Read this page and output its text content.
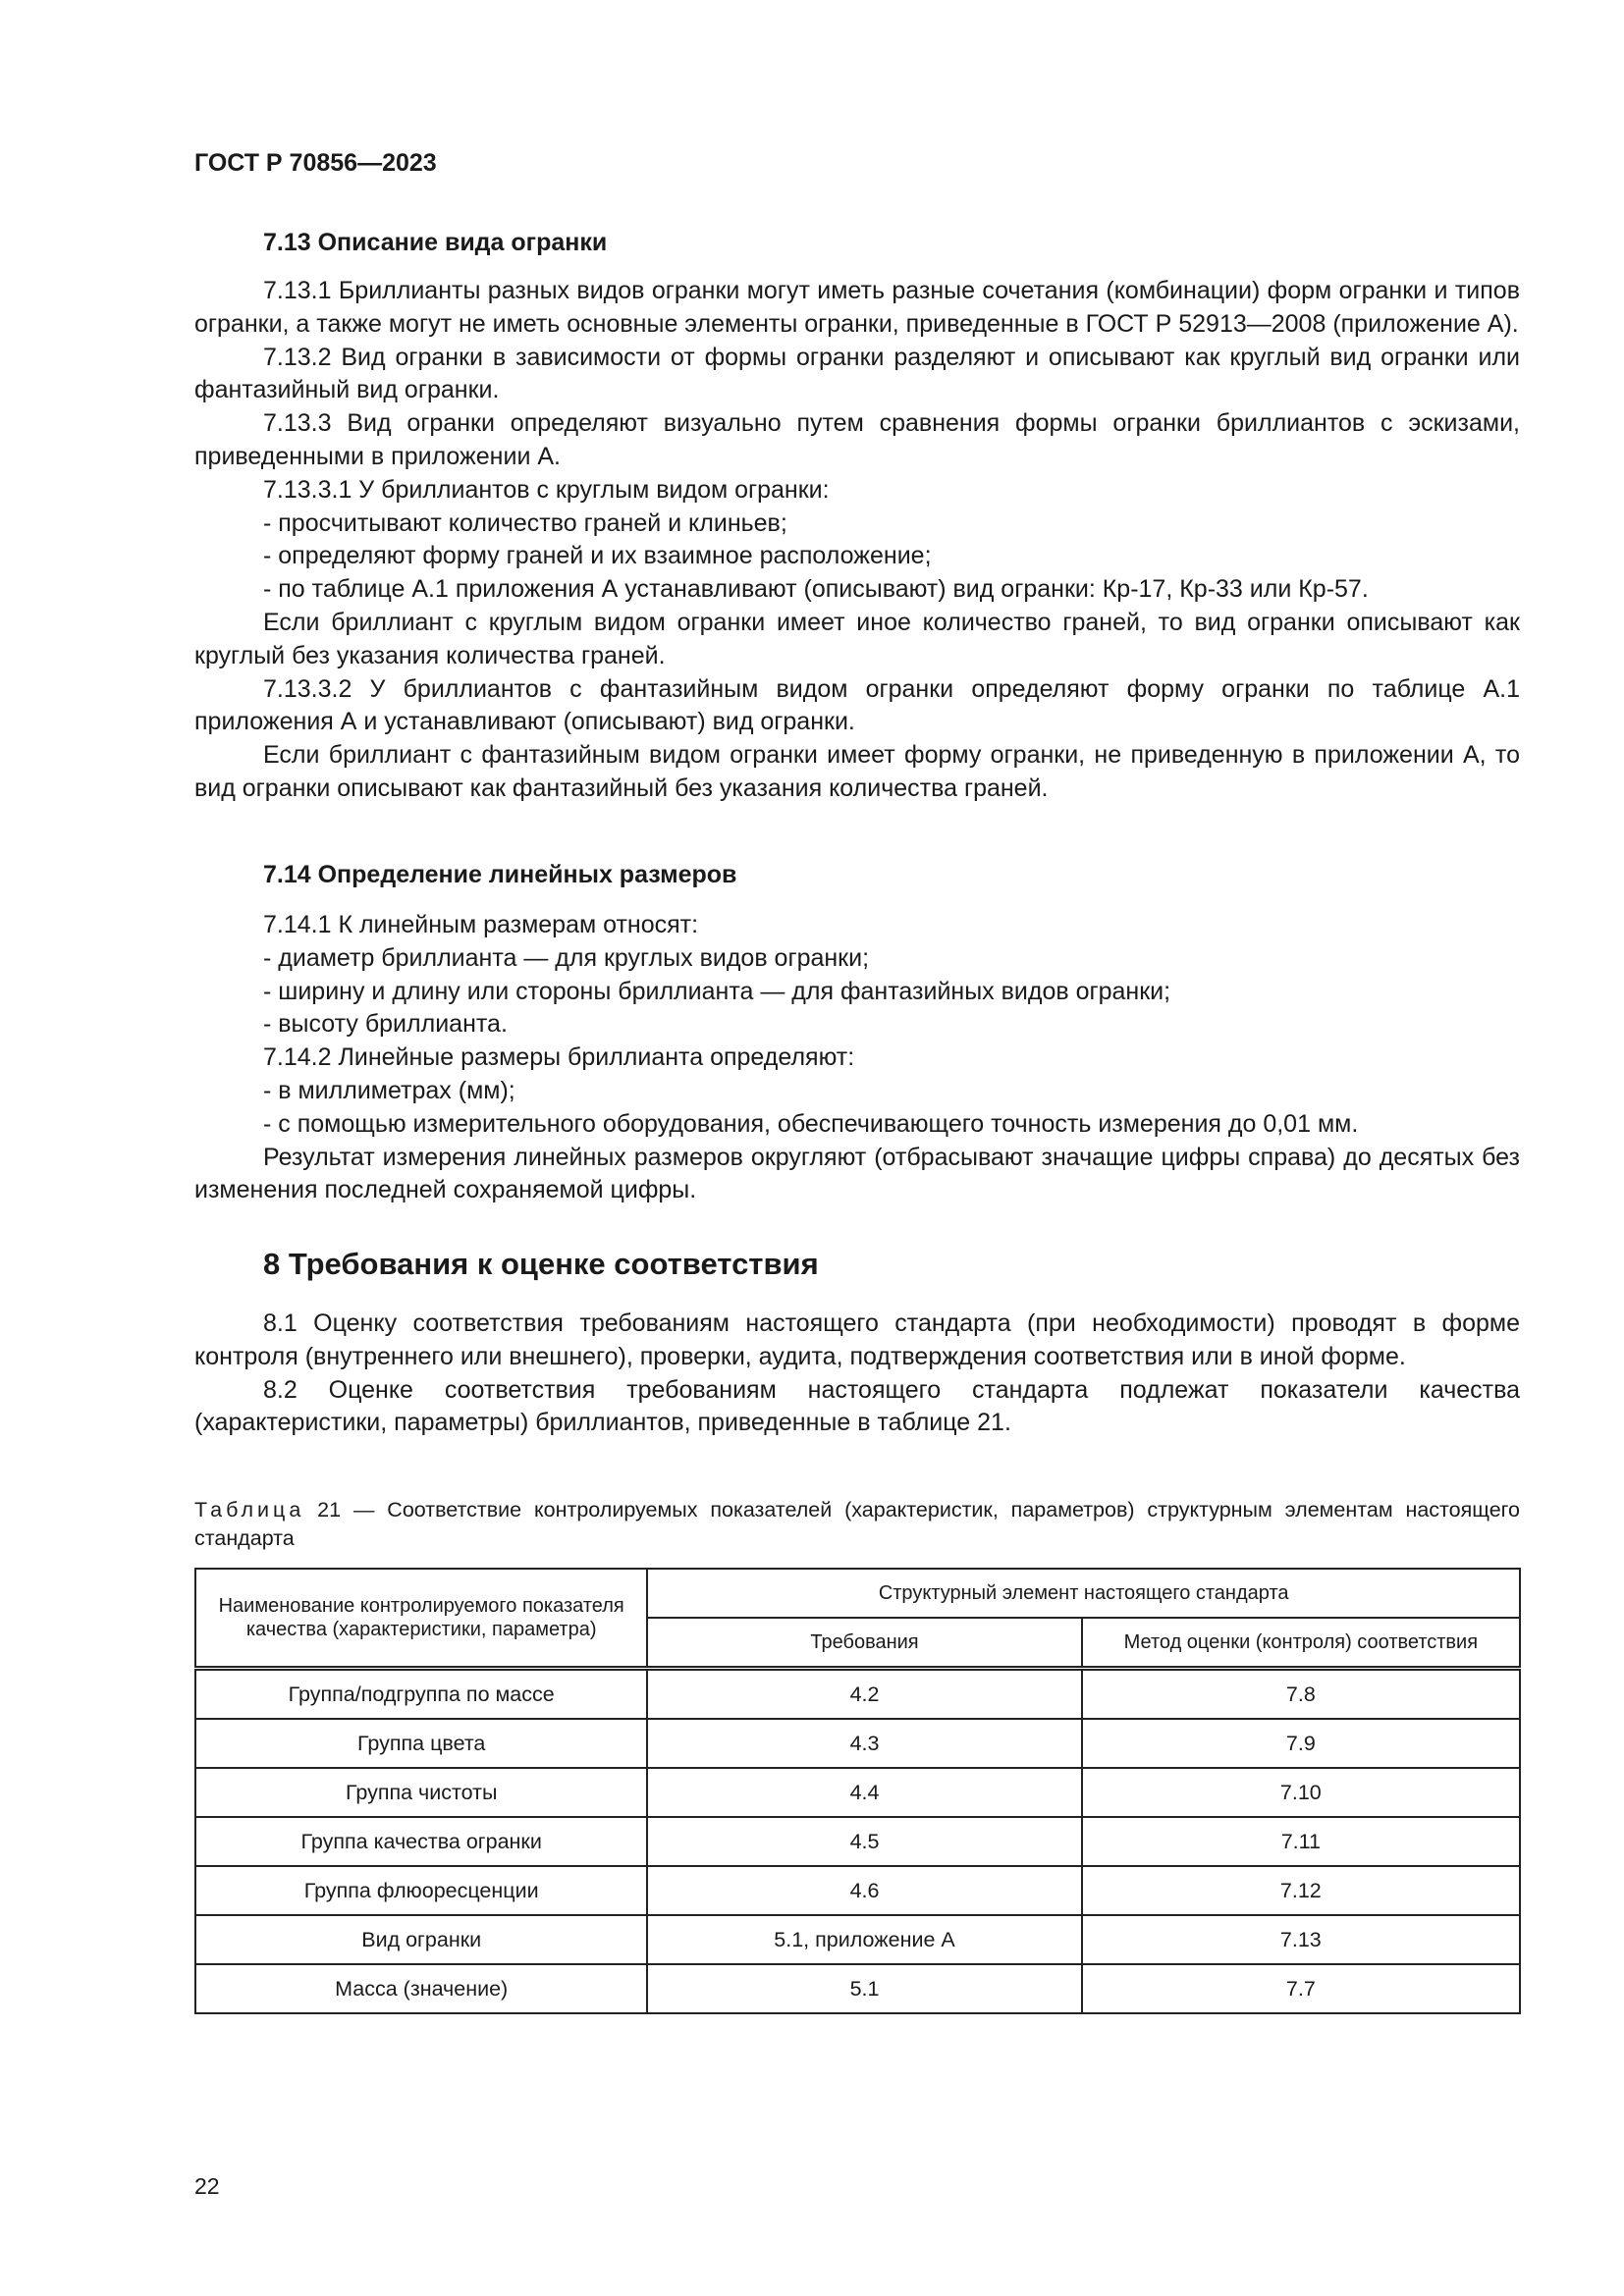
ГОСТ Р 70856—2023
7.13 Описание вида огранки

7.13.1 Бриллианты разных видов огранки могут иметь разные сочетания (комбинации) форм огранки и типов огранки, а также могут не иметь основные элементы огранки, приведенные в ГОСТ Р 52913—2008 (приложение А).

7.13.2 Вид огранки в зависимости от формы огранки разделяют и описывают как круглый вид огранки или фантазийный вид огранки.

7.13.3 Вид огранки определяют визуально путем сравнения формы огранки бриллиантов с эскизами, приведенными в приложении А.

7.13.3.1 У бриллиантов с круглым видом огранки:

- просчитывают количество граней и клиньев;

- определяют форму граней и их взаимное расположение;

- по таблице А.1 приложения А устанавливают (описывают) вид огранки: Кр-17, Кр-33 или Кр-57.

Если бриллиант с круглым видом огранки имеет иное количество граней, то вид огранки описывают как круглый без указания количества граней.

7.13.3.2 У бриллиантов с фантазийным видом огранки определяют форму огранки по таблице А.1 приложения А и устанавливают (описывают) вид огранки.

Если бриллиант с фантазийным видом огранки имеет форму огранки, не приведенную в приложении А, то вид огранки описывают как фантазийный без указания количества граней.

7.14 Определение линейных размеров

7.14.1 К линейным размерам относят:

- диаметр бриллианта — для круглых видов огранки;

- ширину и длину или стороны бриллианта — для фантазийных видов огранки;

- высоту бриллианта.

7.14.2 Линейные размеры бриллианта определяют:

- в миллиметрах (мм);

- с помощью измерительного оборудования, обеспечивающего точность измерения до 0,01 мм.

Результат измерения линейных размеров округляют (отбрасывают значащие цифры справа) до десятых без изменения последней сохраняемой цифры.

8 Требования к оценке соответствия

8.1 Оценку соответствия требованиям настоящего стандарта (при необходимости) проводят в форме контроля (внутреннего или внешнего), проверки, аудита, подтверждения соответствия или в иной форме.

8.2 Оценке соответствия требованиям настоящего стандарта подлежат показатели качества (характеристики, параметры) бриллиантов, приведенные в таблице 21.

Таблица 21 — Соответствие контролируемых показателей (характеристик, параметров) структурным элементам настоящего стандарта
Наименование контролируемого показателя качества (характеристики, параметра)	Структурный элемент настоящего стандарта	
	Требования	Метод оценки (контроля) соответствия
Группа/подгруппа по массе	4.2	7.8
Группа цвета	4.3	7.9
Группа чистоты	4.4	7.10
Группа качества огранки	4.5	7.11
Группа флюоресценции	4.6	7.12
Вид огранки	5.1, приложение А	7.13
Масса (значение)	5.1	7.7
22
